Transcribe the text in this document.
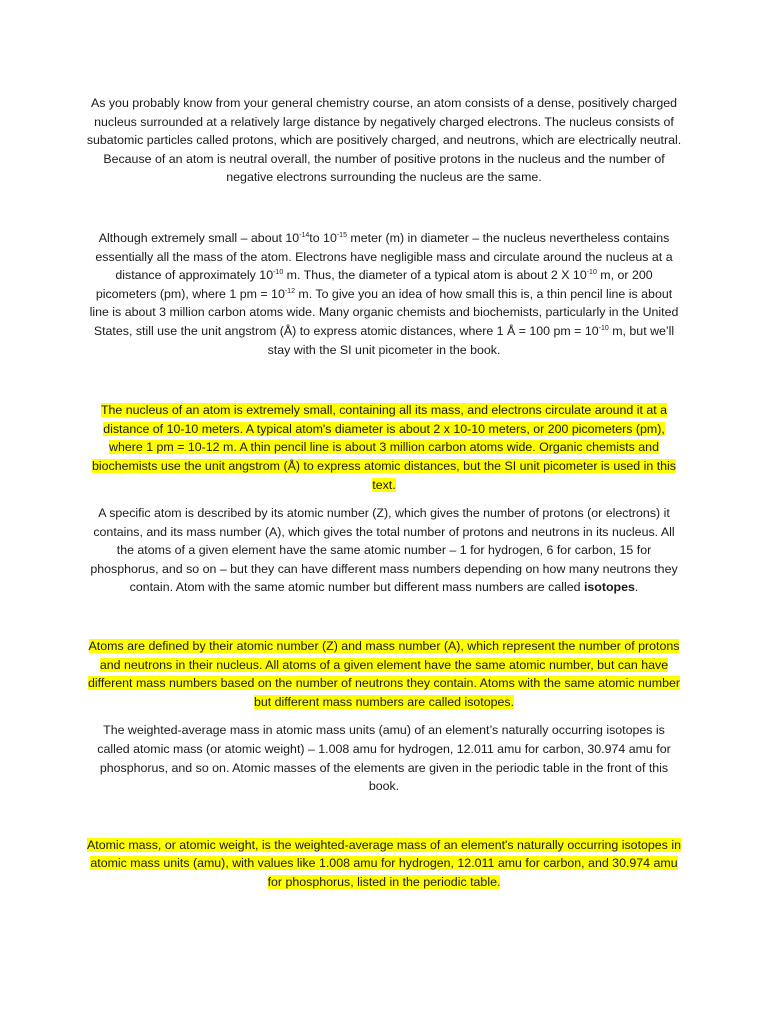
As you probably know from your general chemistry course, an atom consists of a dense, positively charged nucleus surrounded at a relatively large distance by negatively charged electrons. The nucleus consists of subatomic particles called protons, which are positively charged, and neutrons, which are electrically neutral. Because of an atom is neutral overall, the number of positive protons in the nucleus and the number of negative electrons surrounding the nucleus are the same.

Although extremely small – about $10^{-14}to$ $10^{-15}$ meter (m) in diameter – the nucleus nevertheless contains essentially all the mass of the atom. Electrons have negligible mass and circulate around the nucleus at a distance of approximately $10^{-10}$ m. Thus, the diameter of a typical atom is about 2 X $10^{-10}$ m, or 200 picometers (pm), where 1 pm = $10^{-12}$ m. To give you an idea of how small this is, a thin pencil line is about line is about 3 million carbon atoms wide. Many organic chemists and biochemists, particularly in the United States, still use the unit angstrom (Å) to express atomic distances, where 1 Å = 100 pm = $10^{-10}$ m, but we’ll stay with the SI unit picometer in the book.

The nucleus of an atom is extremely small, containing all its mass, and electrons circulate around it at a distance of 10-10 meters. A typical atom's diameter is about 2 x 10-10 meters, or 200 picometers (pm), where 1 pm = 10-12 m. A thin pencil line is about 3 million carbon atoms wide. Organic chemists and biochemists use the unit angstrom (Å) to express atomic distances, but the SI unit picometer is used in this text.

A specific atom is described by its atomic number (Z), which gives the number of protons (or electrons) it contains, and its mass number (A), which gives the total number of protons and neutrons in its nucleus. All the atoms of a given element have the same atomic number – 1 for hydrogen, 6 for carbon, 15 for phosphorus, and so on – but they can have different mass numbers depending on how many neutrons they contain. Atom with the same atomic number but different mass numbers are called isotopes.

Atoms are defined by their atomic number (Z) and mass number (A), which represent the number of protons and neutrons in their nucleus. All atoms of a given element have the same atomic number, but can have different mass numbers based on the number of neutrons they contain. Atoms with the same atomic number but different mass numbers are called isotopes.

The weighted-average mass in atomic mass units (amu) of an element’s naturally occurring isotopes is called atomic mass (or atomic weight) – 1.008 amu for hydrogen, 12.011 amu for carbon, 30.974 amu for phosphorus, and so on. Atomic masses of the elements are given in the periodic table in the front of this book.

Atomic mass, or atomic weight, is the weighted-average mass of an element's naturally occurring isotopes in atomic mass units (amu), with values like 1.008 amu for hydrogen, 12.011 amu for carbon, and 30.974 amu for phosphorus, listed in the periodic table.
